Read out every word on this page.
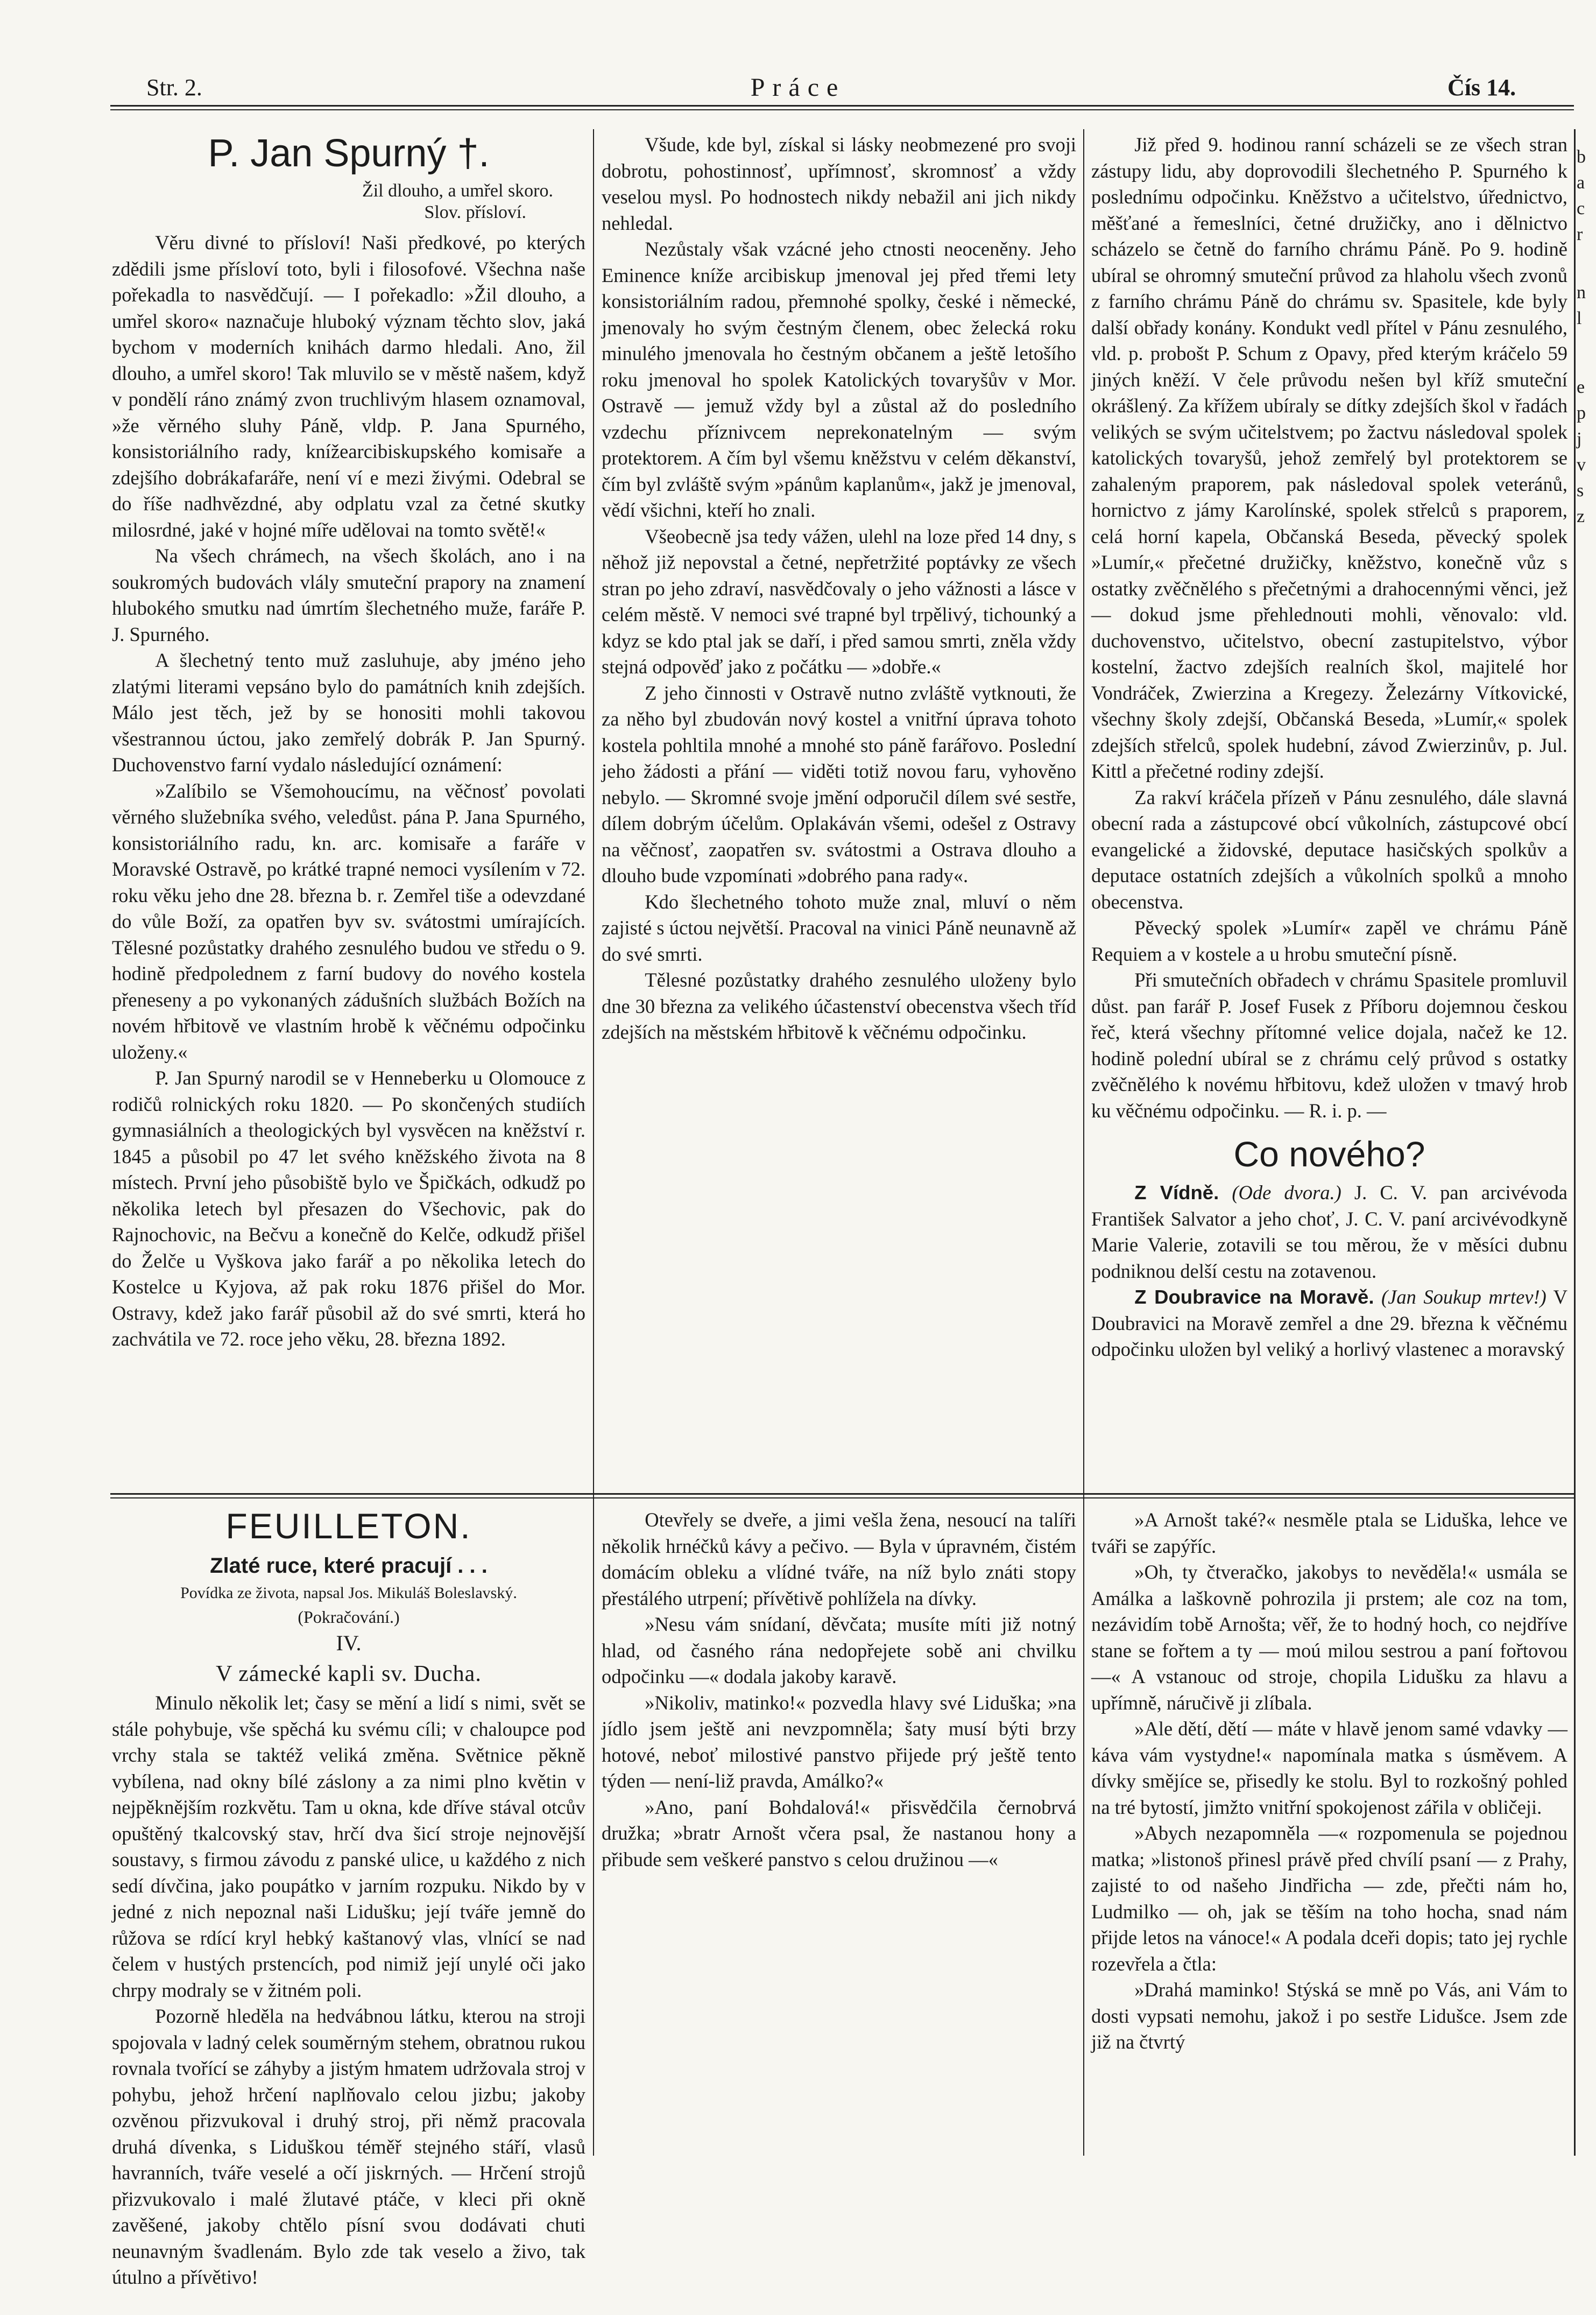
Str. 2.	Práce	Čís 14.
P. Jan Spurný †.
Žil dlouho, a umřel skoro.
Slov. přísloví.

Věru divné to přísloví! Naši předkové, po kterých zdědili jsme přísloví toto, byli i filosofové. Všechna naše pořekadla to nasvědčují. — I pořekadlo: »Žil dlouho, a umřel skoro« naznačuje hluboký význam těchto slov, jaká bychom v moderních knihách darmo hledali. Ano, žil dlouho, a umřel skoro! Tak mluvilo se v městě našem, když v pondělí ráno známý zvon truchlivým hlasem oznamoval, »že věrného sluhy Páně, vldp. P. Jana Spurného, konsistoriálního rady, knížearcibiskupského komisaře a zdejšího dobrákafaráře, není ví e mezi živými. Odebral se do říše nadhvězdné, aby odplatu vzal za četné skutky milosrdné, jaké v hojné míře udělovai na tomto světě!«

Na všech chrámech, na všech školách, ano i na soukromých budovách vlály smuteční prapory na znamení hlubokého smutku nad úmrtím šlechetného muže, faráře P. J. Spurného.

A šlechetný tento muž zasluhuje, aby jméno jeho zlatými literami vepsáno bylo do památních knih zdejších. Málo jest těch, jež by se honositi mohli takovou všestrannou úctou, jako zemřelý dobrák P. Jan Spurný. Duchovenstvo farní vydalo následující oznámení:

»Zalíbilo se Všemohoucímu, na věčnosť povolati věrného služebníka svého, veledůst. pána P. Jana Spurného, konsistoriálního radu, kn. arc. komisaře a faráře v Moravské Ostravě, po krátké trapné nemoci vysílením v 72. roku věku jeho dne 28. března b. r. Zemřel tiše a odevzdané do vůle Boží, za opatřen byv sv. svátostmi umírajících. Tělesné pozůstatky drahého zesnulého budou ve středu o 9. hodině předpolednem z farní budovy do nového kostela přeneseny a po vykonaných zádušních službách Božích na novém hřbitově ve vlastním hrobě k věčnému odpočinku uloženy.«

P. Jan Spurný narodil se v Henneberku u Olomouce z rodičů rolnických roku 1820. — Po skončených studiích gymnasiálních a theologických byl vysvěcen na kněžství r. 1845 a působil po 47 let svého kněžského života na 8 místech. První jeho působiště bylo ve Špičkách, odkudž po několika letech byl přesazen do Všechovic, pak do Rajnochovic, na Bečvu a konečně do Kelče, odkudž přišel do Želče u Vyškova jako farář a po několika letech do Kostelce u Kyjova, až pak roku 1876 přišel do Mor. Ostravy, kdež jako farář působil až do své smrti, která ho zachvátila ve 72. roce jeho věku, 28. března 1892.

Všude, kde byl, získal si lásky neobmezené pro svoji dobrotu, pohostinnosť, upřímnosť, skromnosť a vždy veselou mysl. Po hodnostech nikdy nebažil ani jich nikdy nehledal.

Nezůstaly však vzácné jeho ctnosti neoceněny. Jeho Eminence kníže arcibiskup jmenoval jej před třemi lety konsistoriálním radou, přemnohé spolky, české i německé, jmenovaly ho svým čestným členem, obec želecká roku minulého jmenovala ho čestným občanem a ještě letošího roku jmenoval ho spolek Katolických tovaryšův v Mor. Ostravě — jemuž vždy byl a zůstal až do posledního vzdechu příznivcem neprekonatelným — svým protektorem. A čím byl všemu kněžstvu v celém děkanství, čím byl zvláště svým »pánům kaplanům«, jakž je jmenoval, vědí všichni, kteří ho znali.

Všeobecně jsa tedy vážen, ulehl na loze před 14 dny, s něhož již nepovstal a četné, nepřetržité poptávky ze všech stran po jeho zdraví, nasvědčovaly o jeho vážnosti a lásce v celém městě. V nemoci své trapné byl trpělivý, tichounký a kdyz se kdo ptal jak se daří, i před samou smrti, zněla vždy stejná odpověď jako z počátku — »dobře.«

Z jeho činnosti v Ostravě nutno zvláště vytknouti, že za něho byl zbudován nový kostel a vnitřní úprava tohoto kostela pohltila mnohé a mnohé sto páně farářovo. Poslední jeho žádosti a přání — viděti totiž novou faru, vyhověno nebylo. — Skromné svoje jmění odporučil dílem své sestře, dílem dobrým účelům. Oplakáván všemi, odešel z Ostravy na věčnosť, zaopatřen sv. svátostmi a Ostrava dlouho a dlouho bude vzpomínati »dobrého pana rady«.

Kdo šlechetného tohoto muže znal, mluví o něm zajisté s úctou největší. Pracoval na vinici Páně neunavně až do své smrti.

Tělesné pozůstatky drahého zesnulého uloženy bylo dne 30 března za velikého účastenství obecenstva všech tříd zdejších na městském hřbitově k věčnému odpočinku.

Již před 9. hodinou ranní scházeli se ze všech stran zástupy lidu, aby doprovodili šlechetného P. Spurného k poslednímu odpočinku. Kněžstvo a učitelstvo, úřednictvo, měšťané a řemeslníci, četné družičky, ano i dělnictvo scházelo se četně do farního chrámu Páně. Po 9. hodině ubíral se ohromný smuteční průvod za hlaholu všech zvonů z farního chrámu Páně do chrámu sv. Spasitele, kde byly další obřady konány. Kondukt vedl přítel v Pánu zesnulého, vld. p. probošt P. Schum z Opavy, před kterým kráčelo 59 jiných kněží. V čele průvodu nešen byl kříž smuteční okrášlený. Za křížem ubíraly se dítky zdejších škol v řadách velikých se svým učitelstvem; po žactvu následoval spolek katolických tovaryšů, jehož zemřelý byl protektorem se zahaleným praporem, pak následoval spolek veteránů, hornictvo z jámy Karolínské, spolek střelců s praporem, celá horní kapela, Občanská Beseda, pěvecký spolek »Lumír,« přečetné družičky, kněžstvo, konečně vůz s ostatky zvěčnělého s přečetnými a drahocennými věnci, jež — dokud jsme přehlednouti mohli, věnovalo: vld. duchovenstvo, učitelstvo, obecní zastupitelstvo, výbor kostelní, žactvo zdejších realních škol, majitelé hor Vondráček, Zwierzina a Kregezy. Železárny Vítkovické, všechny školy zdejší, Občanská Beseda, »Lumír,« spolek zdejších střelců, spolek hudební, závod Zwierzinův, p. Jul. Kittl a přečetné rodiny zdejší.

Za rakví kráčela přízeň v Pánu zesnulého, dále slavná obecní rada a zástupcové obcí vůkolních, zástupcové obcí evangelické a židovské, deputace hasičských spolkův a deputace ostatních zdejších a vůkolních spolků a mnoho obecenstva.

Pěvecký spolek »Lumír« zapěl ve chrámu Páně Requiem a v kostele a u hrobu smuteční písně.

Při smutečních obřadech v chrámu Spasitele promluvil důst. pan farář P. Josef Fusek z Příboru dojemnou českou řeč, která všechny přítomné velice dojala, načež ke 12. hodině polední ubíral se z chrámu celý průvod s ostatky zvěčnělého k novému hřbitovu, kdež uložen v tmavý hrob ku věčnému odpočinku. — R. i. p. —

Co nového?

Z Vídně. (Ode dvora.) J. C. V. pan arcivévoda František Salvator a jeho choť, J. C. V. paní arcivévodkyně Marie Valerie, zotavili se tou měrou, že v měsíci dubnu podniknou delší cestu na zotavenou.

Z Doubravice na Moravě. (Jan Soukup mrtev!) V Doubravici na Moravě zemřel a dne 29. března k věčnému odpočinku uložen byl veliký a horlivý vlastenec a moravský

FEUILLETON.
Zlaté ruce, které pracují . . .
Povídka ze života, napsal Jos. Mikuláš Boleslavský.
(Pokračování.)
IV.
V zámecké kapli sv. Ducha.

Minulo několik let; časy se mění a lidí s nimi, svět se stále pohybuje, vše spěchá ku svému cíli; v chaloupce pod vrchy stala se taktéž veliká změna. Světnice pěkně vybílena, nad okny bílé záslony a za nimi plno květin v nejpěknějším rozkvětu. Tam u okna, kde dříve stával otcův opuštěný tkalcovský stav, hrčí dva šicí stroje nejnovější soustavy, s firmou závodu z panské ulice, u každého z nich sedí dívčina, jako poupátko v jarním rozpuku. Nikdo by v jedné z nich nepoznal naši Lidušku; její tváře jemně do růžova se rdící kryl hebký kaštanový vlas, vlnící se nad čelem v hustých prstencích, pod nimiž její unylé oči jako chrpy modraly se v žitném poli.

Pozorně hleděla na hedvábnou látku, kterou na stroji spojovala v ladný celek souměrným stehem, obratnou rukou rovnala tvořící se záhyby a jistým hmatem udržovala stroj v pohybu, jehož hrčení naplňovalo celou jizbu; jakoby ozvěnou přizvukoval i druhý stroj, při němž pracovala druhá dívenka, s Liduškou téměř stejného stáří, vlasů havranních, tváře veselé a očí jiskrných. — Hrčení strojů přizvukovalo i malé žlutavé ptáče, v kleci při okně zavěšené, jakoby chtělo písní svou dodávati chuti neunavným švadlenám. Bylo zde tak veselo a živo, tak útulno a přívětivo!

Otevřely se dveře, a jimi vešla žena, nesoucí na talíři několik hrnéčků kávy a pečivo. — Byla v úpravném, čistém domácím obleku a vlídné tváře, na níž bylo znáti stopy přestálého utrpení; přívětivě pohlížela na dívky.

»Nesu vám snídaní, děvčata; musíte míti již notný hlad, od časného rána nedopřejete sobě ani chvilku odpočinku —« dodala jakoby karavě.

»Nikoliv, matinko!« pozvedla hlavy své Liduška; »na jídlo jsem ještě ani nevzpomněla; šaty musí býti brzy hotové, neboť milostivé panstvo přijede prý ještě tento týden — není-liž pravda, Amálko?«

»Ano, paní Bohdalová!« přisvědčila černobrvá družka; »bratr Arnošt včera psal, že nastanou hony a přibude sem veškeré panstvo s celou družinou —«

»A Arnošt také?« nesměle ptala se Liduška, lehce ve tváři se zapýříc.

»Oh, ty čtveračko, jakobys to nevěděla!« usmála se Amálka a laškovně pohrozila ji prstem; ale coz na tom, nezávidím tobě Arnošta; věř, že to hodný hoch, co nejdříve stane se fořtem a ty — moú milou sestrou a paní fořtovou —« A vstanouc od stroje, chopila Lidušku za hlavu a upřímně, náručivě ji zlíbala.

»Ale dětí, dětí — máte v hlavě jenom samé vdavky — káva vám vystydne!« napomínala matka s úsměvem. A dívky smějíce se, přisedly ke stolu. Byl to rozkošný pohled na tré bytostí, jimžto vnitřní spokojenost zářila v obličeji.

»Abych nezapomněla —« rozpomenula se pojednou matka; »listonoš přinesl právě před chvílí psaní — z Prahy, zajisté to od našeho Jindřicha — zde, přečti nám ho, Ludmilko — oh, jak se těším na toho hocha, snad nám přijde letos na vánoce!« A podala dceři dopis; tato jej rychle rozevřela a čtla:

»Drahá maminko! Stýská se mně po Vás, ani Vám to dosti vypsati nemohu, jakož i po sestře Lidušce. Jsem zde již na čtvrtý

b
a
c
r
n
l
e
p
j
v
s
z
